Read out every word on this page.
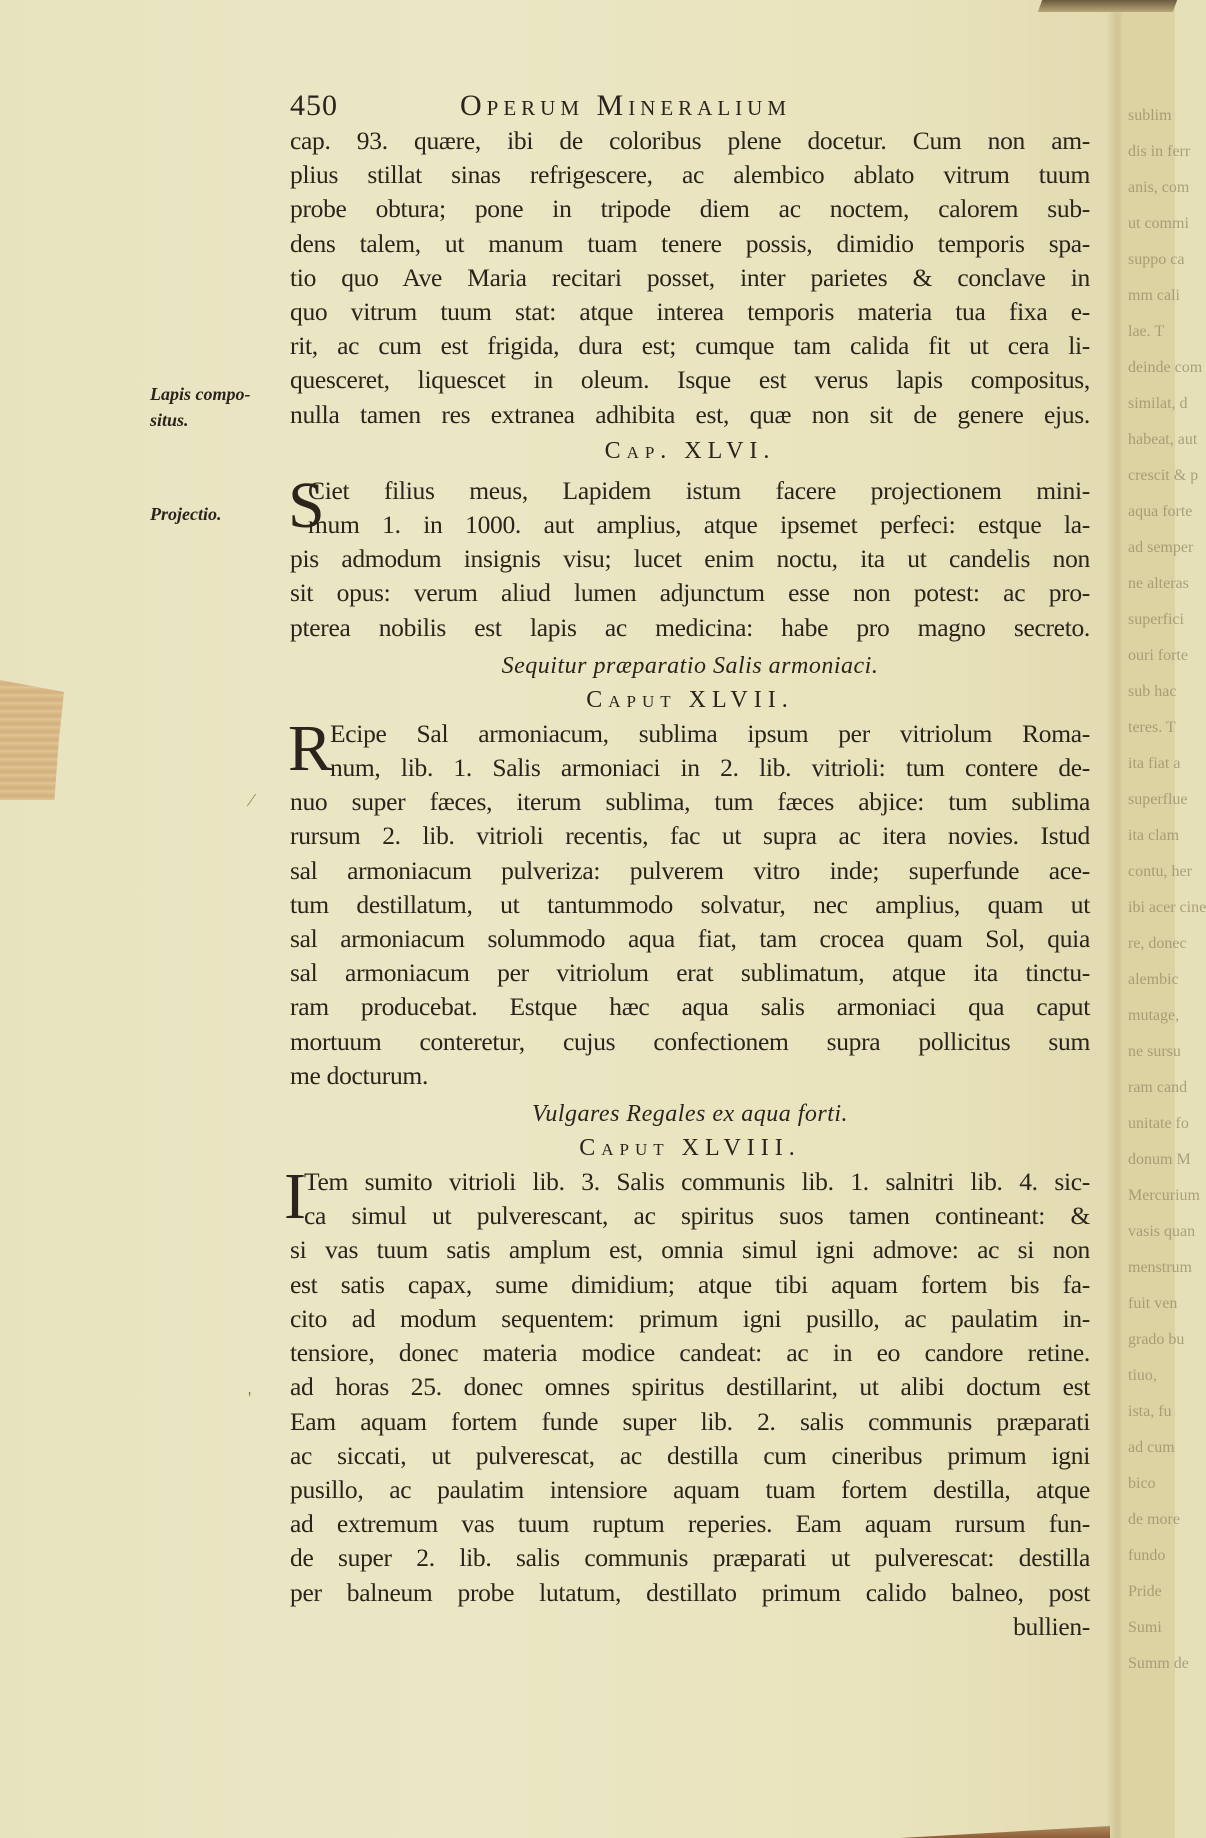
sublim
dis in ferr
anis, com
ut commi
suppo ca
mm cali
lae. T
deinde com
similat, d
habeat, aut
crescit & p
aqua forte
ad semper
ne alteras
superfici
ouri forte
sub hac
teres. T
ita fiat a
superflue
ita clam
contu, her
ibi acer cine
re, donec
alembic
mutage,
ne sursu
ram cand
unitate fo
donum M
Mercurium
vasis quan
menstrum
fuit ven
grado bu
tiuo,
ista, fu
ad cum
bico
de more
fundo
Pride
Sumi
Summ de
Lapis compo-
situs.
Projectio.
'
⁄
450	Operum Mineralium
cap. 93. quære, ibi de coloribus plene docetur. Cum non am-
plius stillat sinas refrigescere, ac alembico ablato vitrum tuum
probe obtura; pone in tripode diem ac noctem, calorem sub-
dens talem, ut manum tuam tenere possis, dimidio temporis spa-
tio quo Ave Maria recitari posset, inter parietes & conclave in
quo vitrum tuum stat: atque interea temporis materia tua fixa e-
rit, ac cum est frigida, dura est; cumque tam calida fit ut cera li-
quesceret, liquescet in oleum. Isque est verus lapis compositus,
nulla tamen res extranea adhibita est, quæ non sit de genere ejus.
Cap. XLVI.
S
Ciet filius meus, Lapidem istum facere projectionem mini-
mum 1. in 1000. aut amplius, atque ipsemet perfeci: estque la-
pis admodum insignis visu; lucet enim noctu, ita ut candelis non
sit opus: verum aliud lumen adjunctum esse non potest: ac pro-
pterea nobilis est lapis ac medicina: habe pro magno secreto.
Sequitur præparatio Salis armoniaci.
Caput XLVII.
R
Ecipe Sal armoniacum, sublima ipsum per vitriolum Roma-
num, lib. 1. Salis armoniaci in 2. lib. vitrioli: tum contere de-
nuo super fæces, iterum sublima, tum fæces abjice: tum sublima
rursum 2. lib. vitrioli recentis, fac ut supra ac itera novies. Istud
sal armoniacum pulveriza: pulverem vitro inde; superfunde ace-
tum destillatum, ut tantummodo solvatur, nec amplius, quam ut
sal armoniacum solummodo aqua fiat, tam crocea quam Sol, quia
sal armoniacum per vitriolum erat sublimatum, atque ita tinctu-
ram producebat. Estque hæc aqua salis armoniaci qua caput
mortuum conteretur, cujus confectionem supra pollicitus sum
me docturum.
Vulgares Regales ex aqua forti.
Caput XLVIII.
I
Tem sumito vitrioli lib. 3. Salis communis lib. 1. salnitri lib. 4. sic-
ca simul ut pulverescant, ac spiritus suos tamen contineant: &
si vas tuum satis amplum est, omnia simul igni admove: ac si non
est satis capax, sume dimidium; atque tibi aquam fortem bis fa-
cito ad modum sequentem: primum igni pusillo, ac paulatim in-
tensiore, donec materia modice candeat: ac in eo candore retine.
ad horas 25. donec omnes spiritus destillarint, ut alibi doctum est
Eam aquam fortem funde super lib. 2. salis communis præparati
ac siccati, ut pulverescat, ac destilla cum cineribus primum igni
pusillo, ac paulatim intensiore aquam tuam fortem destilla, atque
ad extremum vas tuum ruptum reperies. Eam aquam rursum fun-
de super 2. lib. salis communis præparati ut pulverescat: destilla
per balneum probe lutatum, destillato primum calido balneo, post
bullien-
